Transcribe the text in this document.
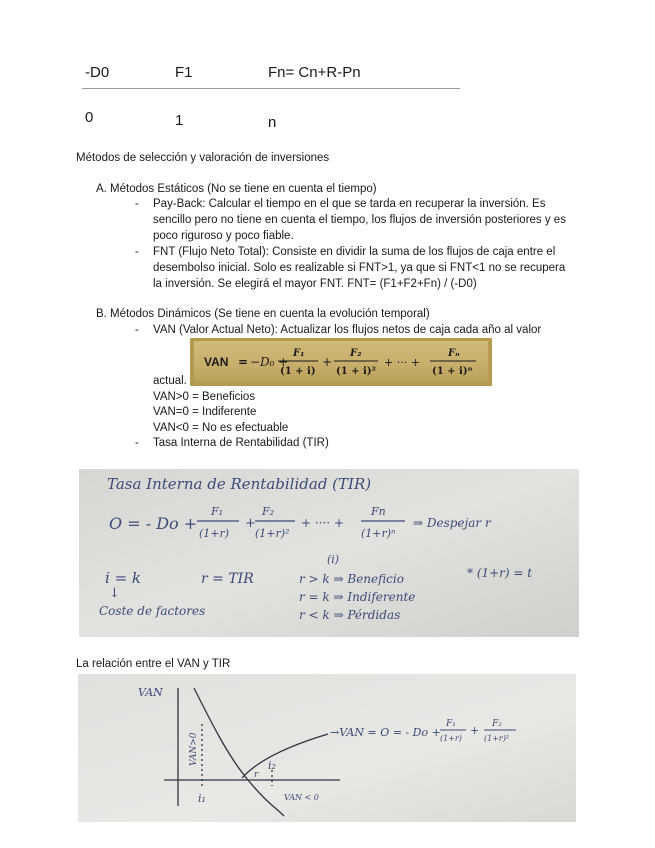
-D0	F1	Fn= Cn+R-Pn
0	1	n
Métodos de selección y valoración de inversiones
A. Métodos Estáticos (No se tiene en cuenta el tiempo)
- Pay-Back: Calcular el tiempo en el que se tarda en recuperar la inversión. Es
sencillo pero no tiene en cuenta el tiempo, los flujos de inversión posteriores y es
poco riguroso y poco fiable.
- FNT (Flujo Neto Total): Consiste en dividir la suma de los flujos de caja entre el
desembolso inicial. Solo es realizable si FNT>1, ya que si FNT<1 no se recupera
la inversión. Se elegirá el mayor FNT. FNT= (F1+F2+Fn) / (-D0)
B. Métodos Dinámicos (Se tiene en cuenta la evolución temporal)
- VAN (Valor Actual Neto): Actualizar los flujos netos de caja cada año al valor
VAN = −D₀ +
F₁
(1 + i)
+
F₂
(1 + i)²
+ ··· +
Fₙ
(1 + i)ⁿ
actual.
VAN>0 = Beneficios
VAN=0 = Indiferente
VAN<0 = No es efectuable
- Tasa Interna de Rentabilidad (TIR)
Tasa Interna de Rentabilidad (TIR)
O = - Do +
F₁
(1+r)
+
F₂
(1+r)²
+ ···· +
Fn
(1+r)ⁿ
⇒ Despejar r
i = k	r = TIR
(i)
r > k ⇒ Beneficio
r = k ⇒ Indiferente
r < k ⇒ Pérdidas
* (1+r) = t
↓
Coste de factores
La relación entre el VAN y TIR
VAN
VAN>0	→VAN = O = - Do +
F₁
(1+r)
+ F₂
(1+r)²
i₁
i₂
r
VAN < 0
